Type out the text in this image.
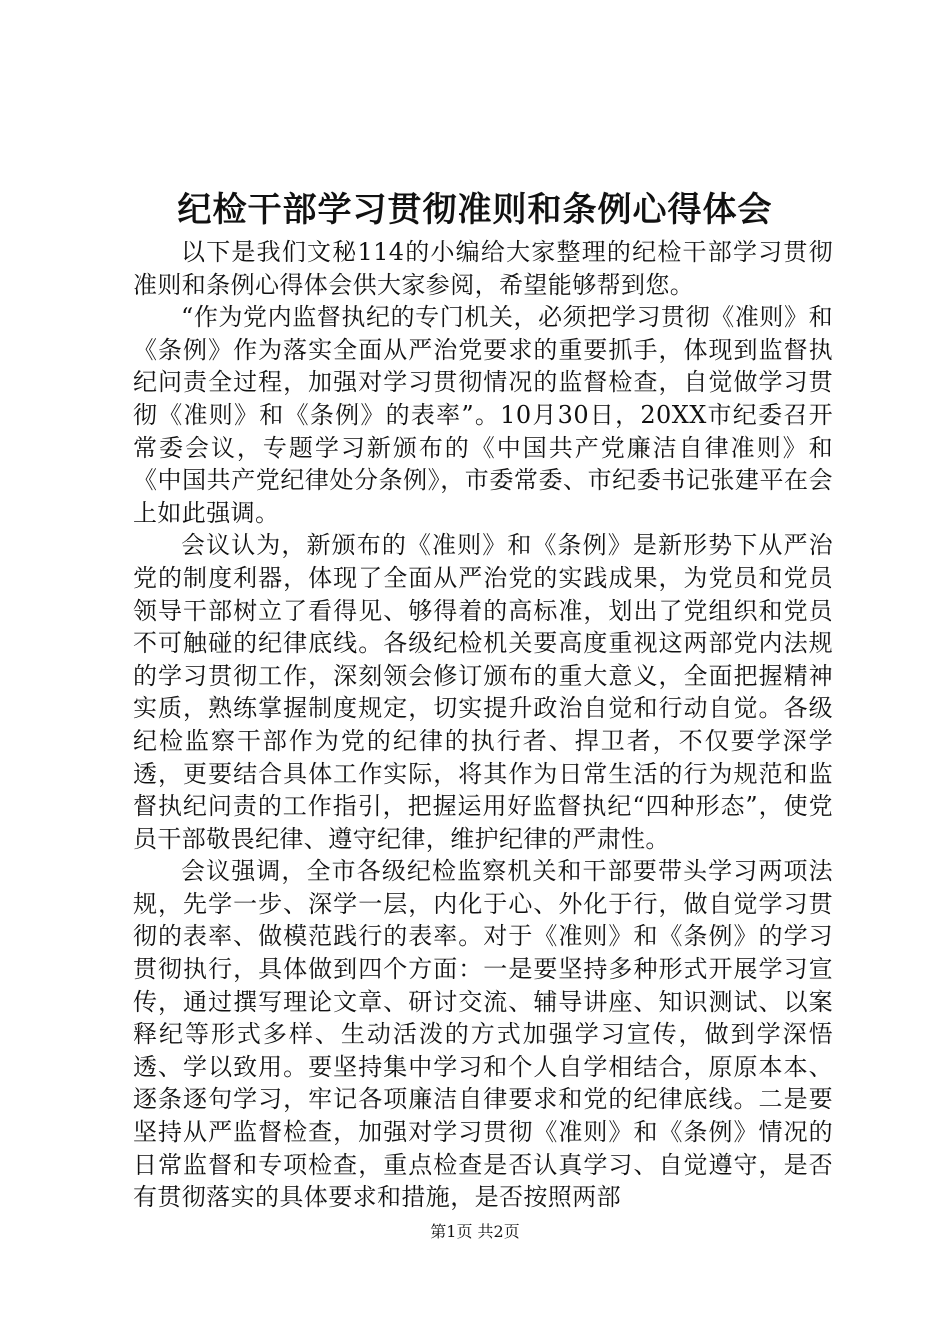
纪检干部学习贯彻准则和条例心得体会

以下是我们文秘114的小编给大家整理的纪检干部学习贯彻准则和条例心得体会供大家参阅，希望能够帮到您。

“作为党内监督执纪的专门机关，必须把学习贯彻《准则》和《条例》作为落实全面从严治党要求的重要抓手，体现到监督执纪问责全过程，加强对学习贯彻情况的监督检查，自觉做学习贯彻《准则》和《条例》的表率”。10月30日，20XX市纪委召开常委会议，专题学习新颁布的《中国共产党廉洁自律准则》和《中国共产党纪律处分条例》，市委常委、市纪委书记张建平在会上如此强调。

会议认为，新颁布的《准则》和《条例》是新形势下从严治党的制度利器，体现了全面从严治党的实践成果，为党员和党员领导干部树立了看得见、够得着的高标准，划出了党组织和党员不可触碰的纪律底线。各级纪检机关要高度重视这两部党内法规的学习贯彻工作，深刻领会修订颁布的重大意义，全面把握精神实质，熟练掌握制度规定，切实提升政治自觉和行动自觉。各级纪检监察干部作为党的纪律的执行者、捍卫者，不仅要学深学透，更要结合具体工作实际，将其作为日常生活的行为规范和监督执纪问责的工作指引，把握运用好监督执纪“四种形态”，使党员干部敬畏纪律、遵守纪律，维护纪律的严肃性。

会议强调，全市各级纪检监察机关和干部要带头学习两项法规，先学一步、深学一层，内化于心、外化于行，做自觉学习贯彻的表率、做模范践行的表率。对于《准则》和《条例》的学习贯彻执行，具体做到四个方面：一是要坚持多种形式开展学习宣传，通过撰写理论文章、研讨交流、辅导讲座、知识测试、以案释纪等形式多样、生动活泼的方式加强学习宣传，做到学深悟透、学以致用。要坚持集中学习和个人自学相结合，原原本本、逐条逐句学习，牢记各项廉洁自律要求和党的纪律底线。二是要坚持从严监督检查，加强对学习贯彻《准则》和《条例》情况的日常监督和专项检查，重点检查是否认真学习、自觉遵守，是否有贯彻落实的具体要求和措施，是否按照两部

第1页 共2页
